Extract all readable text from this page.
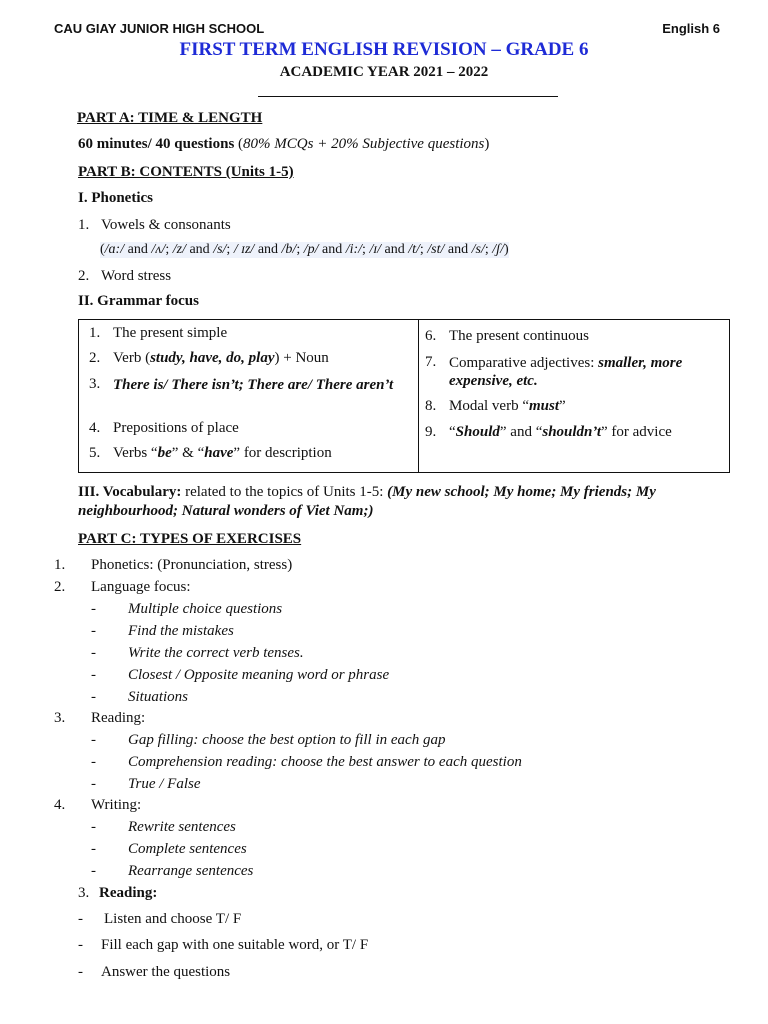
CAU GIAY JUNIOR HIGH SCHOOL	English 6
FIRST TERM ENGLISH REVISION – GRADE 6
ACADEMIC YEAR 2021 – 2022
PART A: TIME & LENGTH
60 minutes/ 40 questions (80% MCQs + 20% Subjective questions)
PART B: CONTENTS (Units 1-5)
I. Phonetics
1. Vowels & consonants
(/ɑ:/ and /ʌ/; /z/ and /s/; / ɪz/ and /b/; /p/ and /i:/; /ɪ/ and /t/; /st/ and /s/; /ʃ/)
2. Word stress
II. Grammar focus
1. The present simple
2. Verb (study, have, do, play) + Noun
3. There is/ There isn’t; There are/ There aren’t
4. Prepositions of place
5. Verbs “be” & “have” for description
6. The present continuous
7. Comparative adjectives: smaller, more expensive, etc.
8. Modal verb “must”
9. “Should” and “shouldn’t” for advice
III. Vocabulary: related to the topics of Units 1-5: (My new school; My home; My friends; My
neighbourhood; Natural wonders of Viet Nam;)
PART C: TYPES OF EXERCISES
1. Phonetics: (Pronunciation, stress)
2. Language focus:
- Multiple choice questions
- Find the mistakes
- Write the correct verb tenses.
- Closest / Opposite meaning word or phrase
- Situations
3. Reading:
- Gap filling: choose the best option to fill in each gap
- Comprehension reading: choose the best answer to each question
- True / False
4. Writing:
- Rewrite sentences
- Complete sentences
- Rearrange sentences
3. Reading:
- Listen and choose T/ F
- Fill each gap with one suitable word, or T/ F
- Answer the questions
